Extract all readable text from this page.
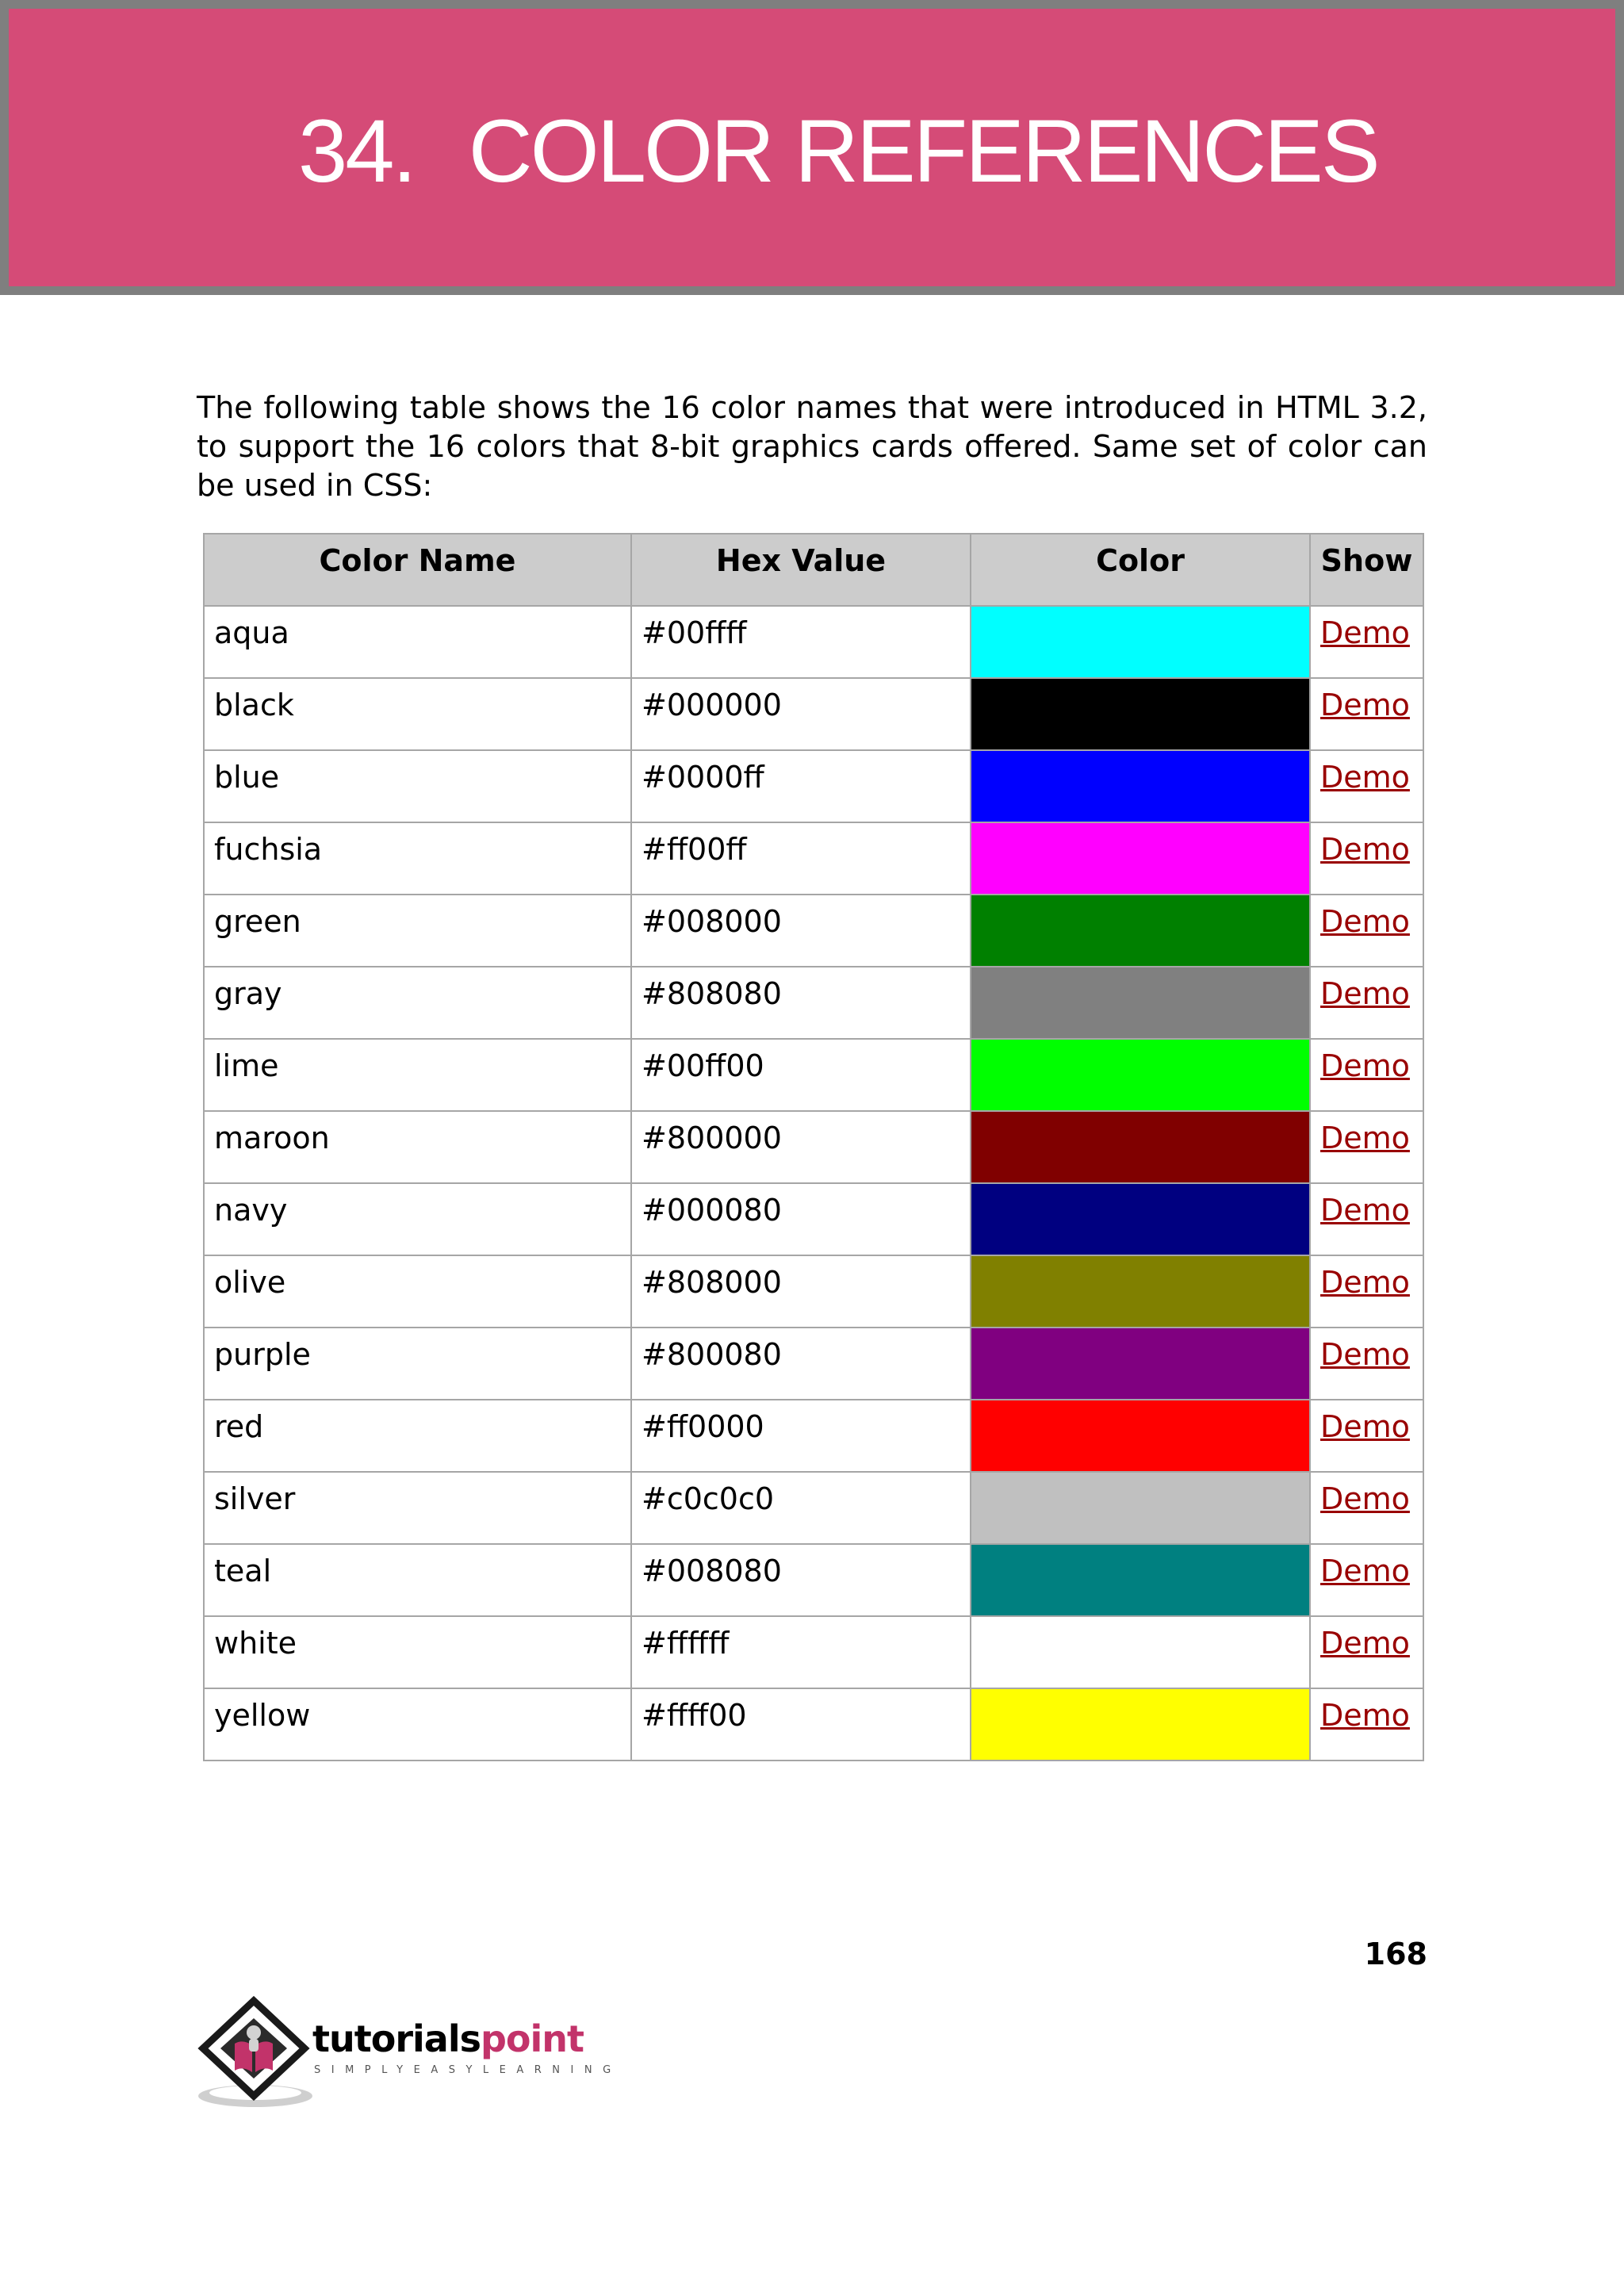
34. COLOR REFERENCES

The following table shows the 16 color names that were introduced in HTML 3.2, to support the 16 colors that 8-bit graphics cards offered. Same set of color can be used in CSS:

Color Name	Hex Value	Color	Show
aqua	#00ffff		Demo
black	#000000		Demo
blue	#0000ff		Demo
fuchsia	#ff00ff		Demo
green	#008000		Demo
gray	#808080		Demo
lime	#00ff00		Demo
maroon	#800000		Demo
navy	#000080		Demo
olive	#808000		Demo
purple	#800080		Demo
red	#ff0000		Demo
silver	#c0c0c0		Demo
teal	#008080		Demo
white	#ffffff		Demo
yellow	#ffff00		Demo
168
tutorialspoint
SIMPLYEASYLEARNING
